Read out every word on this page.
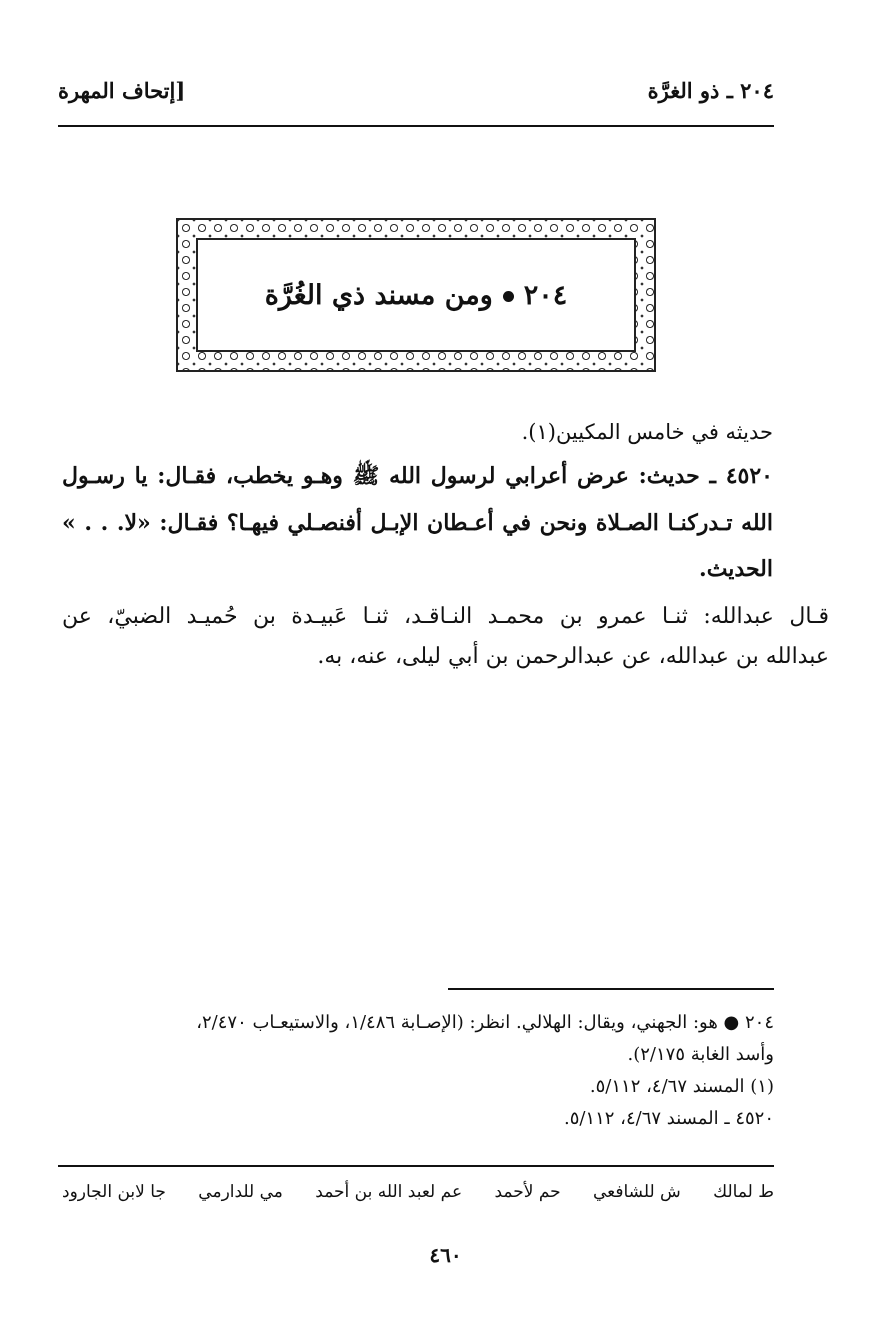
٢٠٤ ـ ذو الغرَّة
[إتحاف المهرة
٢٠٤ومن مسند ذي الغُرَّة
حديثه في خامس المكيين(١).
٤٥٢٠ ـ حديث: عرض أعرابي لرسول الله ﷺ وهـو يخطب، فقـال: يا رسـول
الله تـدركنـا الصـلاة ونحن في أعـطان الإبـل أفنصـلي فيهـا؟ فقـال: «لا. . . »
الحديث.
قـال عبدالله: ثنـا عمرو بن محمـد النـاقـد، ثنـا عَبيـدة بن حُميـد الضبيّ، عن
عبدالله بن عبدالله، عن عبدالرحمن بن أبي ليلى، عنه، به.
٢٠٤ ● هو: الجهني، ويقال: الهلالي. انظر: (الإصـابة ١/٤٨٦، والاستيعـاب ٢/٤٧٠،
وأسد الغابة ٢/١٧٥).
(١) المسند ٤/٦٧، ٥/١١٢.
٤٥٢٠ ـ المسند ٤/٦٧، ٥/١١٢.
ط لمالك
ش للشافعي
حم لأحمد
عم لعبد الله بن أحمد
مي للدارمي
جا لابن الجارود
٤٦٠
